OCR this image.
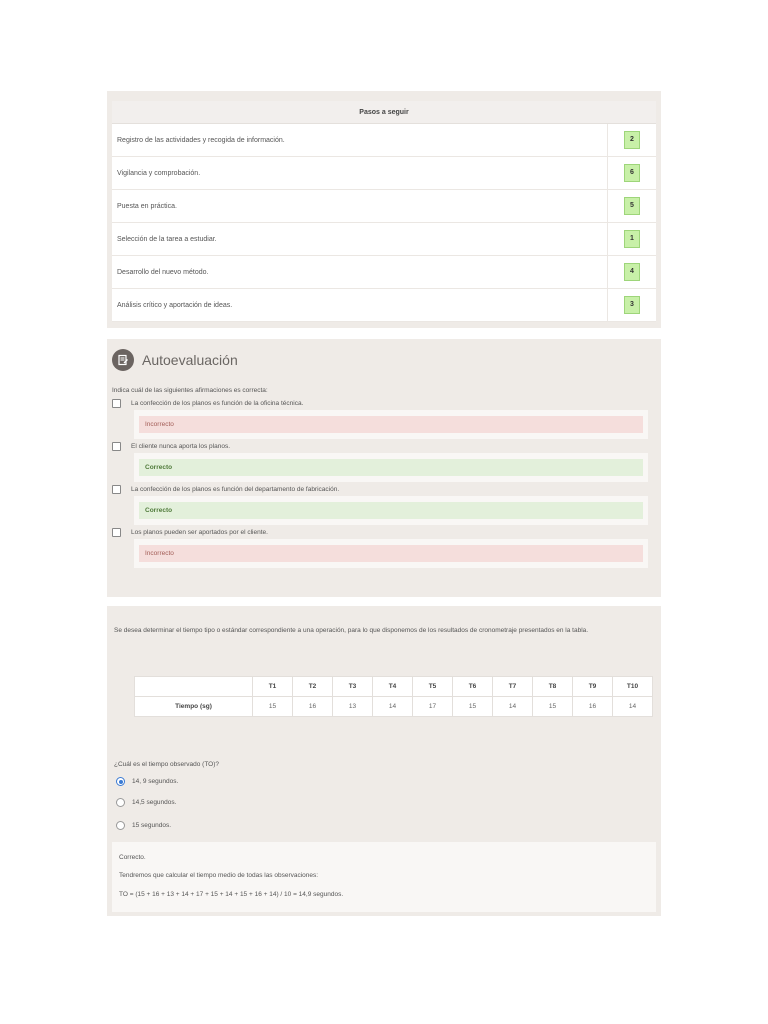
Pasos a seguir	
Registro de las actividades y recogida de información.	2
Vigilancia y comprobación.	6
Puesta en práctica.	5
Selección de la tarea a estudiar.	1
Desarrollo del nuevo método.	4
Análisis crítico y aportación de ideas.	3
Autoevaluación
Indica cuál de las siguientes afirmaciones es correcta:
La confección de los planos es función de la oficina técnica.
Incorrecto
El cliente nunca aporta los planos.
Correcto
La confección de los planos es función del departamento de fabricación.
Correcto
Los planos pueden ser aportados por el cliente.
Incorrecto
Se desea determinar el tiempo tipo o estándar correspondiente a una operación, para lo que disponemos de los resultados de cronometraje presentados en la tabla.
	T1	T2	T3	T4	T5	T6	T7	T8	T9	T10
Tiempo (sg)	15	16	13	14	17	15	14	15	16	14
¿Cuál es el tiempo observado (TO)?
14, 9 segundos.
14,5 segundos.
15 segundos.

Correcto.

Tendremos que calcular el tiempo medio de todas las observaciones:

TO = (15 + 16 + 13 + 14 + 17 + 15 + 14 + 15 + 16 + 14) / 10 = 14,9 segundos.
